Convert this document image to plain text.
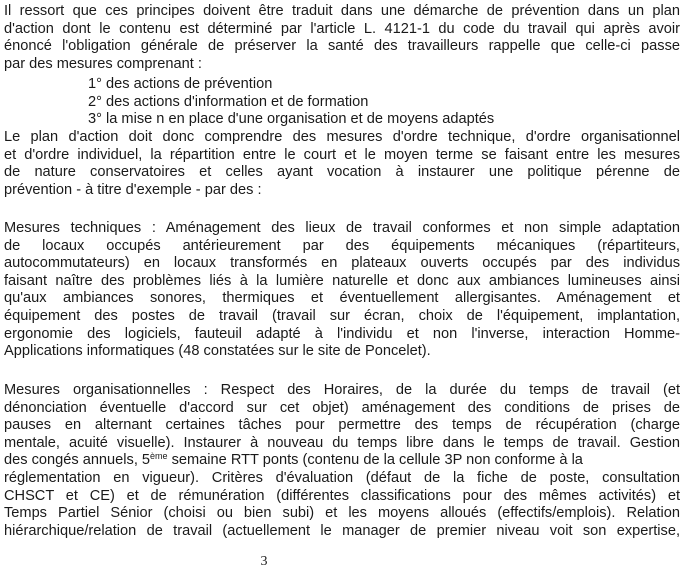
Il ressort que ces principes doivent être traduit dans une démarche de prévention dans un plan
d'action dont le contenu est déterminé par l'article L. 4121-1 du code du travail qui après avoir
énoncé l'obligation générale de préserver la santé des travailleurs rappelle que celle-ci passe
par des mesures comprenant :
1° des actions de prévention
2° des actions d'information et de formation
3° la mise n en place d'une organisation et de moyens adaptés
Le plan d'action doit donc comprendre des mesures d'ordre technique, d'ordre organisationnel
et d'ordre individuel, la répartition entre le court et le moyen terme se faisant entre les mesures
de nature conservatoires et celles ayant vocation à instaurer une politique pérenne de
prévention - à titre d'exemple - par des :
Mesures techniques : Aménagement des lieux de travail conformes et non simple adaptation
de locaux occupés antérieurement par des équipements mécaniques (répartiteurs,
autocommutateurs) en locaux transformés en plateaux ouverts occupés par des individus
faisant naître des problèmes liés à la lumière naturelle et donc aux ambiances lumineuses ainsi
qu'aux ambiances sonores, thermiques et éventuellement allergisantes. Aménagement et
équipement des postes de travail (travail sur écran, choix de l'équipement, implantation,
ergonomie des logiciels, fauteuil adapté à l'individu et non l'inverse, interaction Homme-
Applications informatiques (48 constatées sur le site de Poncelet).
Mesures organisationnelles : Respect des Horaires, de la durée du temps de travail (et
dénonciation éventuelle d'accord sur cet objet) aménagement des conditions de prises de
pauses en alternant certaines tâches pour permettre des temps de récupération (charge
mentale, acuité visuelle). Instaurer à nouveau du temps libre dans le temps de travail. Gestion
des congés annuels, 5ème semaine RTT ponts (contenu de la cellule 3P non conforme à la
réglementation en vigueur). Critères d'évaluation (défaut de la fiche de poste, consultation
CHSCT et CE) et de rémunération (différentes classifications pour des mêmes activités) et
Temps Partiel Sénior (choisi ou bien subi) et les moyens alloués (effectifs/emplois). Relation
hiérarchique/relation de travail (actuellement le manager de premier niveau voit son expertise,
3
